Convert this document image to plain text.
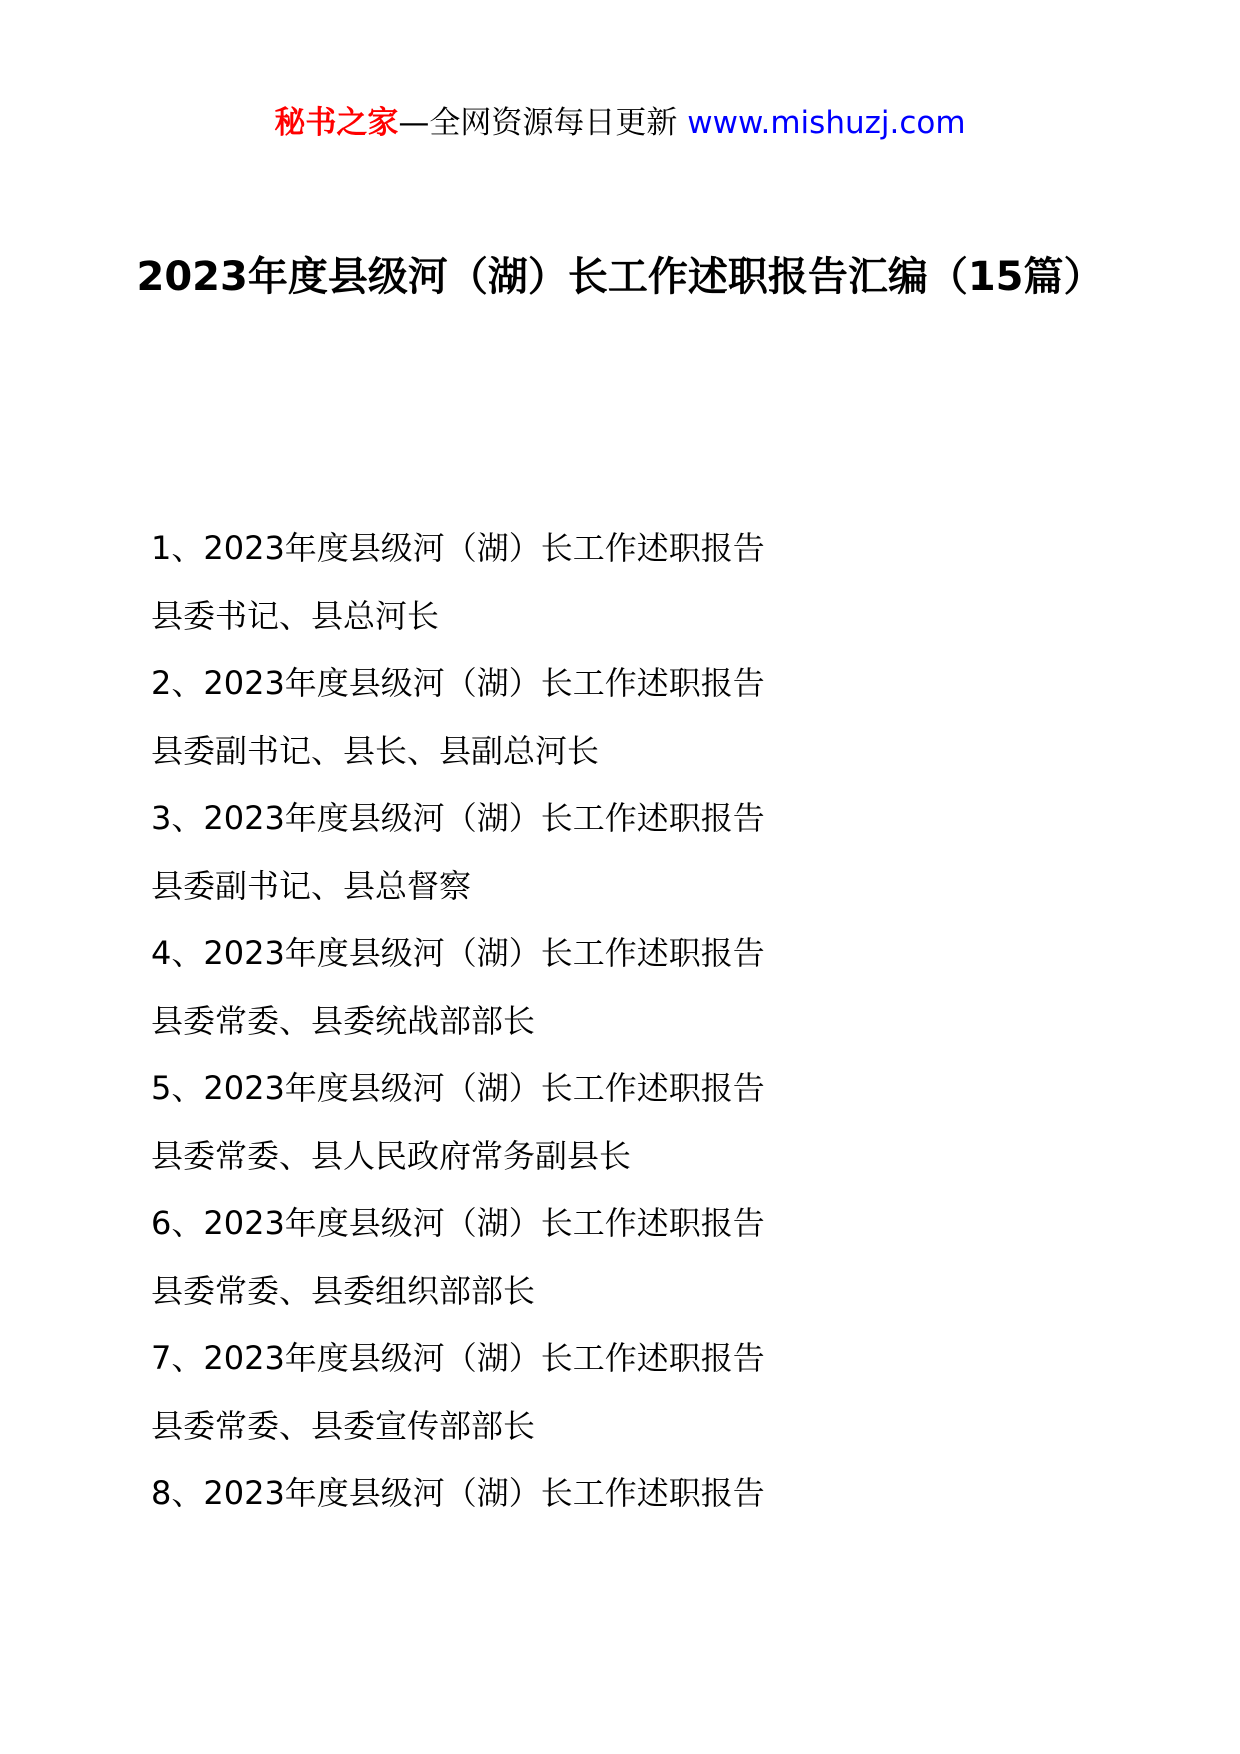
秘书之家—全网资源每日更新 www.mishuzj.com
2023年度县级河（湖）长工作述职报告汇编（15篇）
1、2023年度县级河（湖）长工作述职报告
县委书记、县总河长
2、2023年度县级河（湖）长工作述职报告
县委副书记、县长、县副总河长
3、2023年度县级河（湖）长工作述职报告
县委副书记、县总督察
4、2023年度县级河（湖）长工作述职报告
县委常委、县委统战部部长
5、2023年度县级河（湖）长工作述职报告
县委常委、县人民政府常务副县长
6、2023年度县级河（湖）长工作述职报告
县委常委、县委组织部部长
7、2023年度县级河（湖）长工作述职报告
县委常委、县委宣传部部长
8、2023年度县级河（湖）长工作述职报告
